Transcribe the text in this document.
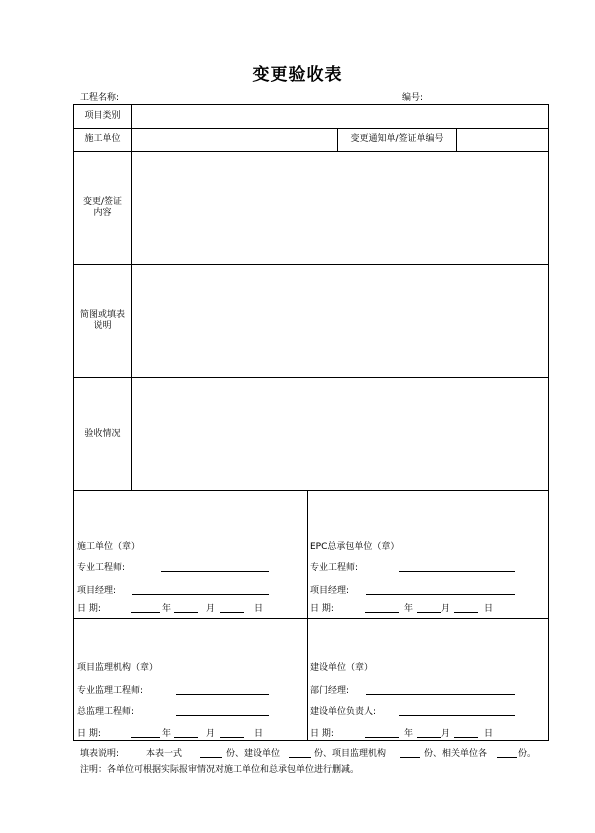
变更验收表
工程名称:	编号:
项目类别
施工单位	变更通知单/签证单编号
变更/签证
内容
简图或填表
说明
验收情况
施工单位（章）
专业工程师:
项目经理:
日 期:	年	月	日
EPC总承包单位（章）
专业工程师:
项目经理:
日 期:	年	月	日
项目监理机构（章）
专业监理工程师:
总监理工程师:
日 期:	年	月	日
建设单位（章）
部门经理:
建设单位负责人:
日 期:	年	月	日
填表说明:	本表一式	份、建设单位	份、项目监理机构	份、相关单位各	份。
注明：各单位可根据实际报审情况对施工单位和总承包单位进行删减。
